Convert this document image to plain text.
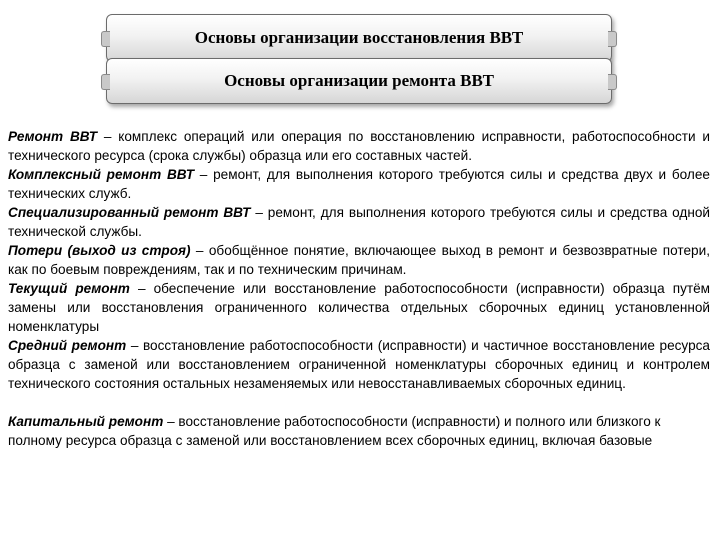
Основы организации восстановления ВВТ
Основы организации ремонта ВВТ

Ремонт ВВТ – комплекс операций или операция по восстановлению исправности, работоспособности и технического ресурса (срока службы) образца или его составных частей.

Комплексный ремонт ВВТ – ремонт, для выполнения которого требуются силы и средства двух и более технических служб.

Специализированный ремонт ВВТ – ремонт, для выполнения которого требуются силы и средства одной технической службы.

Потери (выход из строя) – обобщённое понятие, включающее выход в ремонт и безвозвратные потери, как по боевым повреждениям, так и по техническим причинам.

Текущий ремонт – обеспечение или восстановление работоспособности (исправности) образца путём замены или восстановления ограниченного количества отдельных сборочных единиц установленной номенклатуры

Средний ремонт – восстановление работоспособности (исправности) и частичное восстановление ресурса образца с заменой или восстановлением ограниченной номенклатуры сборочных единиц и контролем технического состояния остальных незаменяемых или невосстанавливаемых сборочных единиц.

Капитальный ремонт – восстановление работоспособности (исправности) и полного или близкого к полному ресурса образца с заменой или восстановлением всех сборочных единиц, включая базовые
